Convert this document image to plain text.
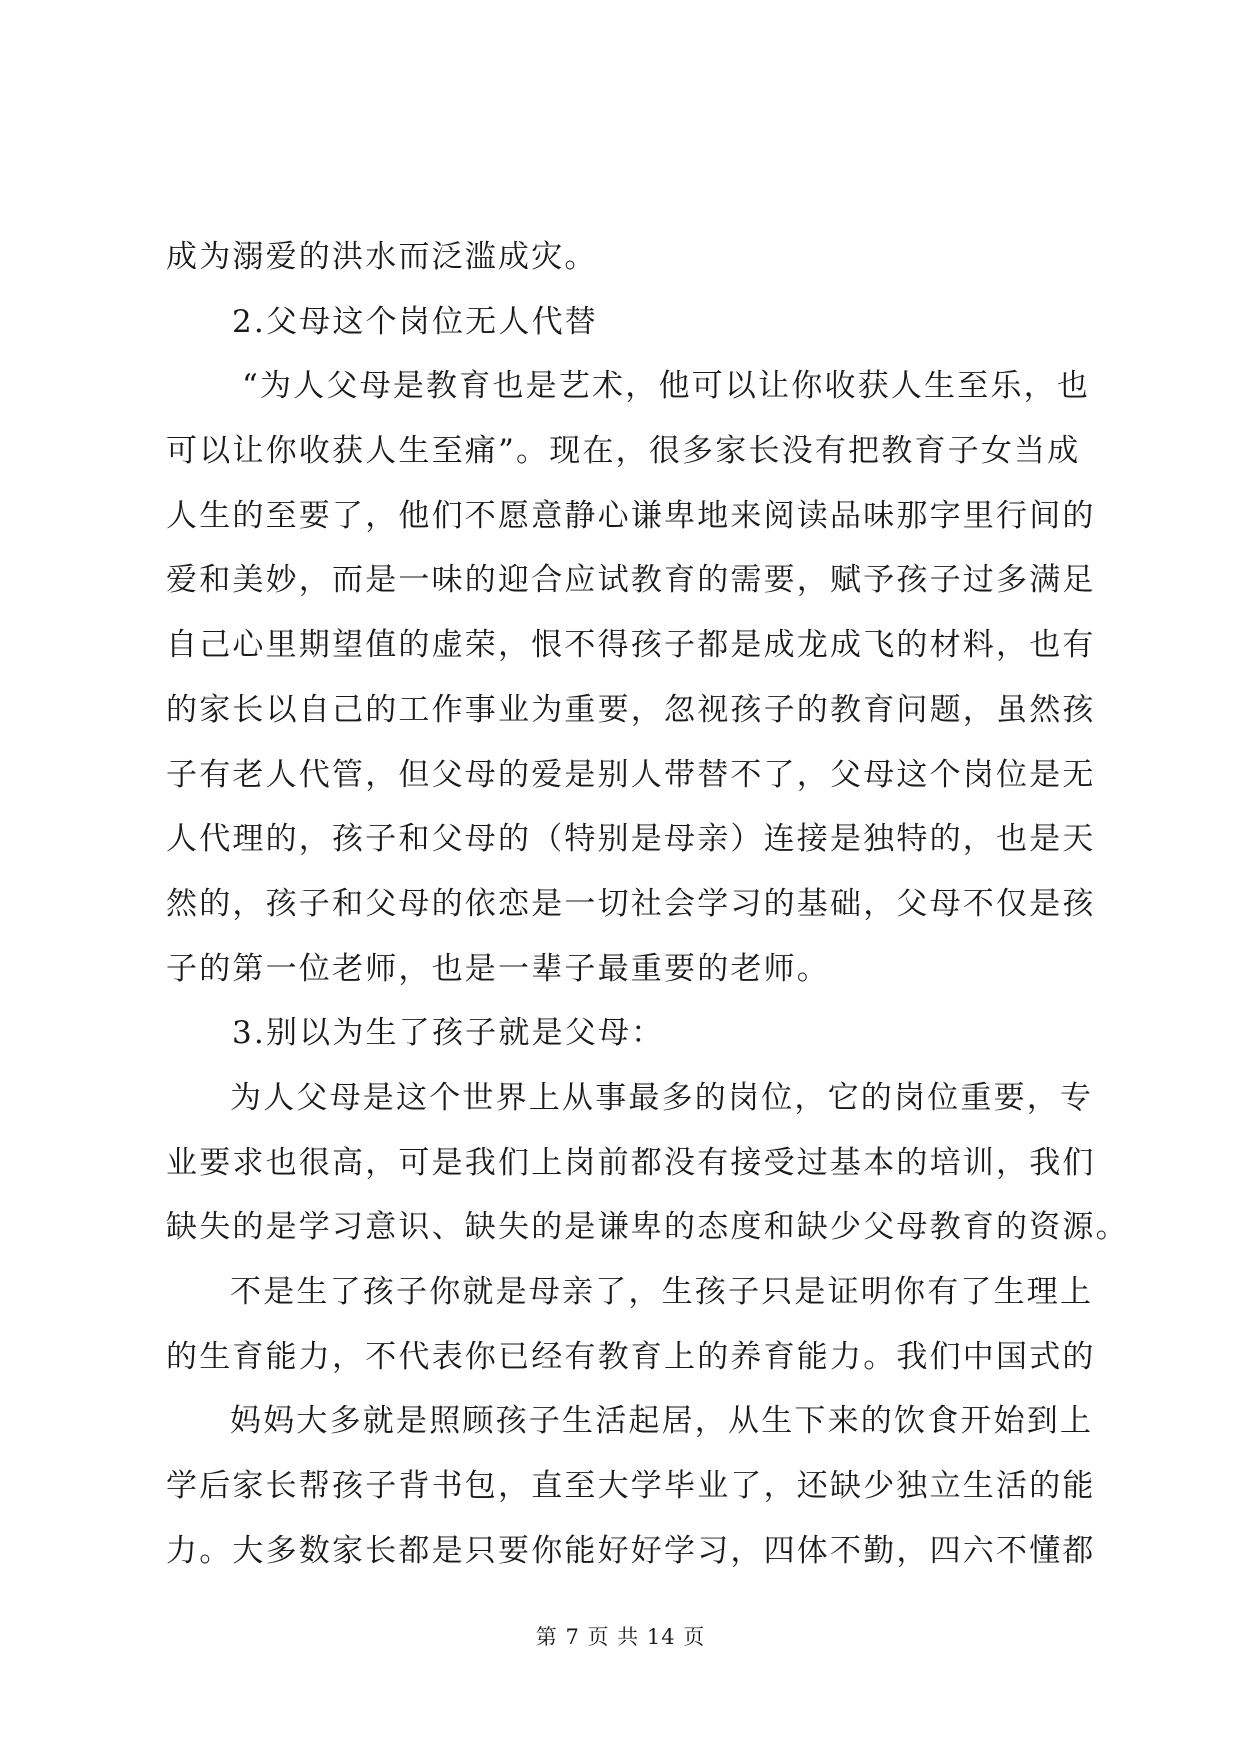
成为溺爱的洪水而泛滥成灾。
2.父母这个岗位无人代替
“为人父母是教育也是艺术，他可以让你收获人生至乐，也
可以让你收获人生至痛”。现在，很多家长没有把教育子女当成
人生的至要了，他们不愿意静心谦卑地来阅读品味那字里行间的
爱和美妙，而是一味的迎合应试教育的需要，赋予孩子过多满足
自己心里期望值的虚荣，恨不得孩子都是成龙成飞的材料，也有
的家长以自己的工作事业为重要，忽视孩子的教育问题，虽然孩
子有老人代管，但父母的爱是别人带替不了，父母这个岗位是无
人代理的，孩子和父母的（特别是母亲）连接是独特的，也是天
然的，孩子和父母的依恋是一切社会学习的基础，父母不仅是孩
子的第一位老师，也是一辈子最重要的老师。
3.别以为生了孩子就是父母：
为人父母是这个世界上从事最多的岗位，它的岗位重要，专
业要求也很高，可是我们上岗前都没有接受过基本的培训，我们
缺失的是学习意识、缺失的是谦卑的态度和缺少父母教育的资源。
不是生了孩子你就是母亲了，生孩子只是证明你有了生理上
的生育能力，不代表你已经有教育上的养育能力。我们中国式的
妈妈大多就是照顾孩子生活起居，从生下来的饮食开始到上
学后家长帮孩子背书包，直至大学毕业了，还缺少独立生活的能
力。大多数家长都是只要你能好好学习，四体不勤，四六不懂都
第 7 页 共 14 页
